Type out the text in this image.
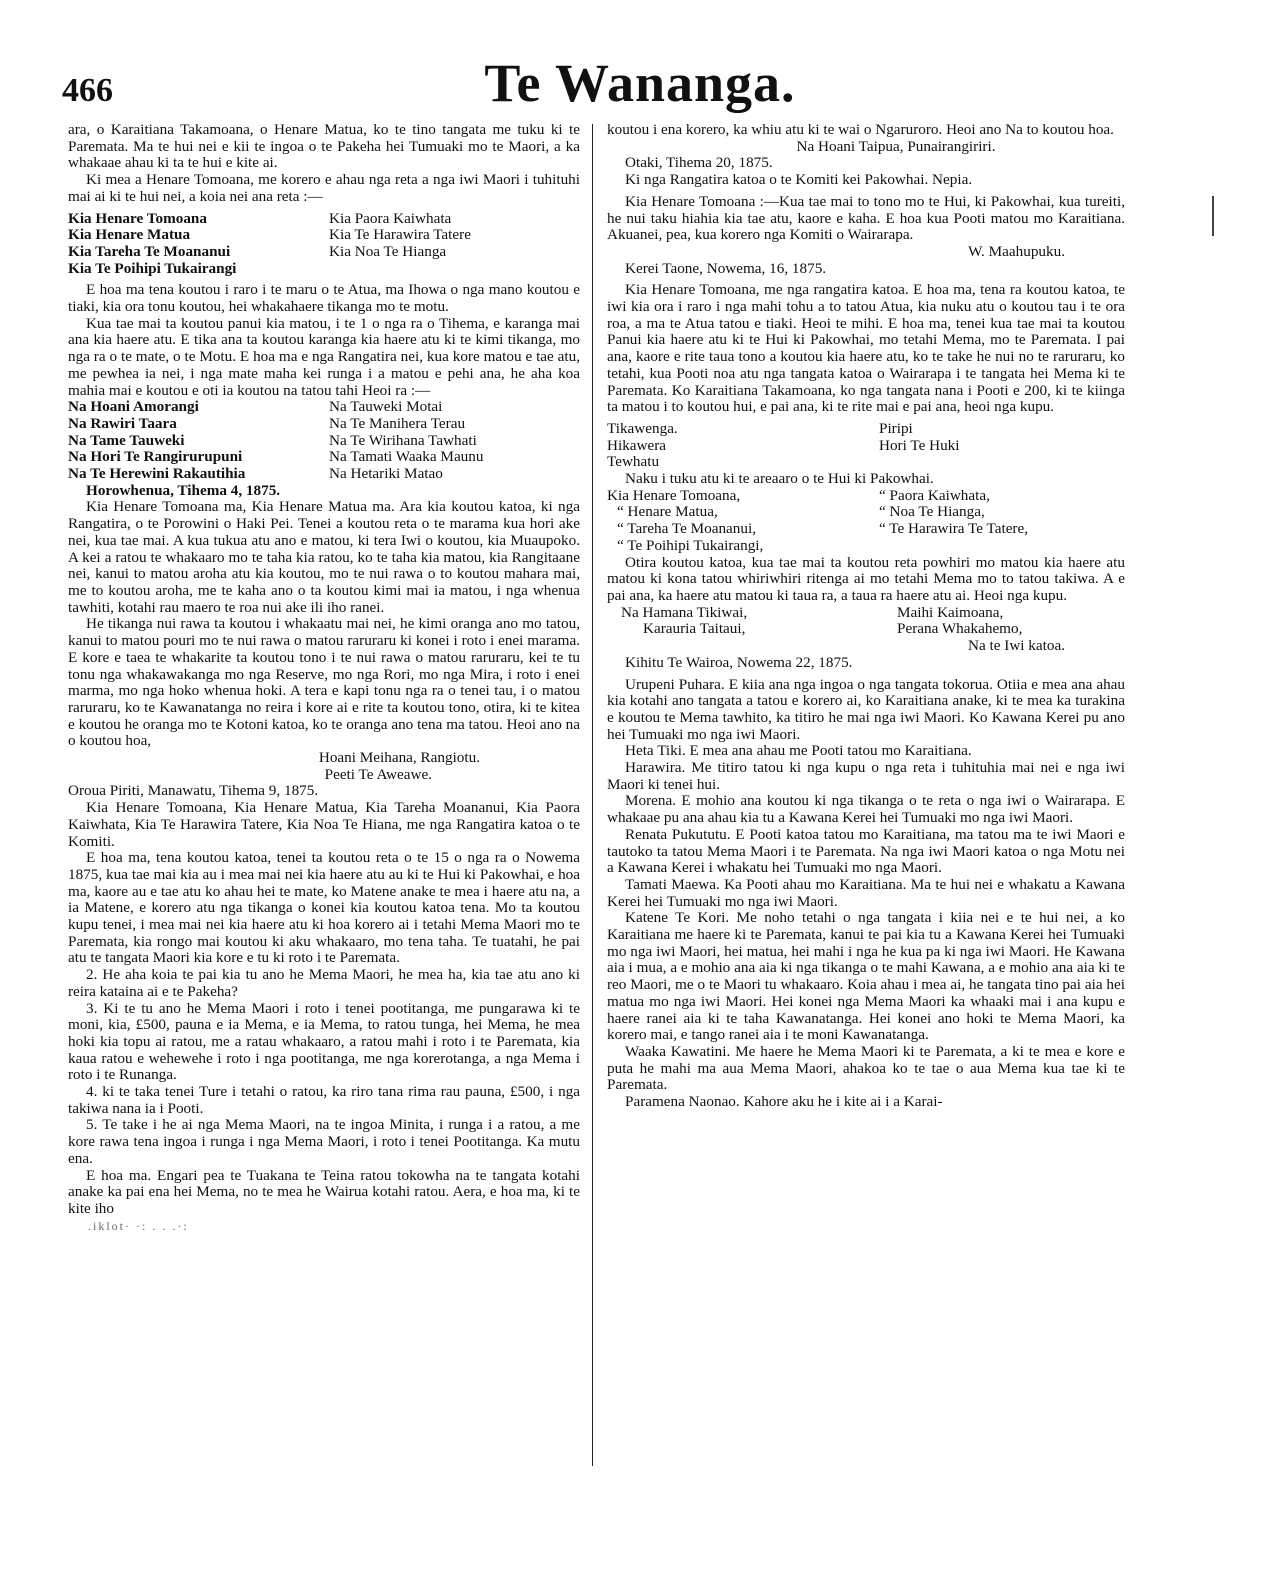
466	Te Wananga.

ara, o Karaitiana Takamoana, o Henare Matua, ko te tino tangata me tuku ki te Paremata. Ma te hui nei e kii te ingoa o te Pakeha hei Tumuaki mo te Maori, a ka whakaae ahau ki ta te hui e kite ai.

Ki mea a Henare Tomoana, me korero e ahau nga reta a nga iwi Maori i tuhituhi mai ai ki te hui nei, a koia nei ana reta :—

Kia Henare Tomoana
Kia Henare Matua
Kia Tareha Te Moananui
Kia Te Poihipi Tukairangi
Kia Paora Kaiwhata
Kia Te Harawira Tatere
Kia Noa Te Hianga

E hoa ma tena koutou i raro i te maru o te Atua, ma Ihowa o nga mano koutou e tiaki, kia ora tonu koutou, hei whakahaere tikanga mo te motu.

Kua tae mai ta koutou panui kia matou, i te 1 o nga ra o Tihema, e karanga mai ana kia haere atu. E tika ana ta koutou karanga kia haere atu ki te kimi tikanga, mo nga ra o te mate, o te Motu. E hoa ma e nga Rangatira nei, kua kore matou e tae atu, me pewhea ia nei, i nga mate maha kei runga i a matou e pehi ana, he aha koa mahia mai e koutou e oti ia koutou na tatou tahi Heoi ra :—

Na Hoani Amorangi
Na Rawiri Taara
Na Tame Tauweki
Na Hori Te Rangirurupuni
Na Te Herewini Rakautihia
Na Tauweki Motai
Na Te Manihera Terau
Na Te Wirihana Tawhati
Na Tamati Waaka Maunu
Na Hetariki Matao

Horowhenua, Tihema 4, 1875.

Kia Henare Tomoana ma, Kia Henare Matua ma. Ara kia koutou katoa, ki nga Rangatira, o te Porowini o Haki Pei. Tenei a koutou reta o te marama kua hori ake nei, kua tae mai. A kua tukua atu ano e matou, ki tera Iwi o koutou, kia Muaupoko. A kei a ratou te whakaaro mo te taha kia ratou, ko te taha kia matou, kia Rangitaane nei, kanui to matou aroha atu kia koutou, mo te nui rawa o to koutou mahara mai, me to koutou aroha, me te kaha ano o ta koutou kimi mai ia matou, i nga whenua tawhiti, kotahi rau maero te roa nui ake ili iho ranei.

He tikanga nui rawa ta koutou i whakaatu mai nei, he kimi oranga ano mo tatou, kanui to matou pouri mo te nui rawa o matou raruraru ki konei i roto i enei marama. E kore e taea te whakarite ta koutou tono i te nui rawa o matou raruraru, kei te tu tonu nga whakawakanga mo nga Reserve, mo nga Rori, mo nga Mira, i roto i enei marma, mo nga hoko whenua hoki. A tera e kapi tonu nga ra o tenei tau, i o matou raruraru, ko te Kawanatanga no reira i kore ai e rite ta koutou tono, otira, ki te kitea e koutou he oranga mo te Kotoni katoa, ko te oranga ano tena ma tatou. Heoi ano na o koutou hoa,

Hoani Meihana, Rangiotu.

Peeti Te Aweawe.

Oroua Piriti, Manawatu, Tihema 9, 1875.

Kia Henare Tomoana, Kia Henare Matua, Kia Tareha Moananui, Kia Paora Kaiwhata, Kia Te Harawira Tatere, Kia Noa Te Hiana, me nga Rangatira katoa o te Komiti.

E hoa ma, tena koutou katoa, tenei ta koutou reta o te 15 o nga ra o Nowema 1875, kua tae mai kia au i mea mai nei kia haere atu au ki te Hui ki Pakowhai, e hoa ma, kaore au e tae atu ko ahau hei te mate, ko Matene anake te mea i haere atu na, a ia Matene, e korero atu nga tikanga o konei kia koutou katoa tena. Mo ta koutou kupu tenei, i mea mai nei kia haere atu ki hoa korero ai i tetahi Mema Maori mo te Paremata, kia rongo mai koutou ki aku whakaaro, mo tena taha. Te tuatahi, he pai atu te tangata Maori kia kore e tu ki roto i te Paremata.

2. He aha koia te pai kia tu ano he Mema Maori, he mea ha, kia tae atu ano ki reira kataina ai e te Pakeha?

3. Ki te tu ano he Mema Maori i roto i tenei pootitanga, me pungarawa ki te moni, kia, £500, pauna e ia Mema, e ia Mema, to ratou tunga, hei Mema, he mea hoki kia topu ai ratou, me a ratau whakaaro, a ratou mahi i roto i te Paremata, kia kaua ratou e wehewehe i roto i nga pootitanga, me nga korerotanga, a nga Mema i roto i te Runanga.

4. ki te taka tenei Ture i tetahi o ratou, ka riro tana rima rau pauna, £500, i nga takiwa nana ia i Pooti.

5. Te take i he ai nga Mema Maori, na te ingoa Minita, i runga i a ratou, a me kore rawa tena ingoa i runga i nga Mema Maori, i roto i tenei Pootitanga. Ka mutu ena.

E hoa ma. Engari pea te Tuakana te Teina ratou tokowha na te tangata kotahi anake ka pai ena hei Mema, no te mea he Wairua kotahi ratou. Aera, e hoa ma, ki te kite iho

.iklot· ·: . . .·:

koutou i ena korero, ka whiu atu ki te wai o Ngaruroro. Heoi ano Na to koutou hoa.

Na Hoani Taipua, Punairangiriri.

Otaki, Tihema 20, 1875.

Ki nga Rangatira katoa o te Komiti kei Pakowhai. Nepia.

Kia Henare Tomoana :—Kua tae mai to tono mo te Hui, ki Pakowhai, kua tureiti, he nui taku hiahia kia tae atu, kaore e kaha. E hoa kua Pooti matou mo Karaitiana. Akuanei, pea, kua korero nga Komiti o Wairarapa.

W. Maahupuku.

Kerei Taone, Nowema, 16, 1875.

Kia Henare Tomoana, me nga rangatira katoa. E hoa ma, tena ra koutou katoa, te iwi kia ora i raro i nga mahi tohu a to tatou Atua, kia nuku atu o koutou tau i te ora roa, a ma te Atua tatou e tiaki. Heoi te mihi. E hoa ma, tenei kua tae mai ta koutou Panui kia haere atu ki te Hui ki Pakowhai, mo tetahi Mema, mo te Paremata. I pai ana, kaore e rite taua tono a koutou kia haere atu, ko te take he nui no te raruraru, ko tetahi, kua Pooti noa atu nga tangata katoa o Wairarapa i te tangata hei Mema ki te Paremata. Ko Karaitiana Takamoana, ko nga tangata nana i Pooti e 200, ki te kiinga ta matou i to koutou hui, e pai ana, ki te rite mai e pai ana, heoi nga kupu.

Tikawenga.
Hikawera
Tewhatu
Piripi
Hori Te Huki

Naku i tuku atu ki te areaaro o te Hui ki Pakowhai.

Kia Henare Tomoana,
“ Henare Matua,
“ Tareha Te Moananui,
“ Te Poihipi Tukairangi,
“ Paora Kaiwhata,
“ Noa Te Hianga,
“ Te Harawira Te Tatere,

Otira koutou katoa, kua tae mai ta koutou reta powhiri mo matou kia haere atu matou ki kona tatou whiriwhiri ritenga ai mo tetahi Mema mo to tatou takiwa. A e pai ana, ka haere atu matou ki taua ra, a taua ra haere atu ai. Heoi nga kupu.

Na Hamana Tikiwai,
Karauria Taitaui,
Maihi Kaimoana,
Perana Whakahemo,

Na te Iwi katoa.

Kihitu Te Wairoa, Nowema 22, 1875.

Urupeni Puhara. E kiia ana nga ingoa o nga tangata tokorua. Otiia e mea ana ahau kia kotahi ano tangata a tatou e korero ai, ko Karaitiana anake, ki te mea ka turakina e koutou te Mema tawhito, ka titiro he mai nga iwi Maori. Ko Kawana Kerei pu ano hei Tumuaki mo nga iwi Maori.

Heta Tiki. E mea ana ahau me Pooti tatou mo Karaitiana.

Harawira. Me titiro tatou ki nga kupu o nga reta i tuhituhia mai nei e nga iwi Maori ki tenei hui.

Morena. E mohio ana koutou ki nga tikanga o te reta o nga iwi o Wairarapa. E whakaae pu ana ahau kia tu a Kawana Kerei hei Tumuaki mo nga iwi Maori.

Renata Pukututu. E Pooti katoa tatou mo Karaitiana, ma tatou ma te iwi Maori e tautoko ta tatou Mema Maori i te Paremata. Na nga iwi Maori katoa o nga Motu nei a Kawana Kerei i whakatu hei Tumuaki mo nga Maori.

Tamati Maewa. Ka Pooti ahau mo Karaitiana. Ma te hui nei e whakatu a Kawana Kerei hei Tumuaki mo nga iwi Maori.

Katene Te Kori. Me noho tetahi o nga tangata i kiia nei e te hui nei, a ko Karaitiana me haere ki te Paremata, kanui te pai kia tu a Kawana Kerei hei Tumuaki mo nga iwi Maori, hei matua, hei mahi i nga he kua pa ki nga iwi Maori. He Kawana aia i mua, a e mohio ana aia ki nga tikanga o te mahi Kawana, a e mohio ana aia ki te reo Maori, me o te Maori tu whakaaro. Koia ahau i mea ai, he tangata tino pai aia hei matua mo nga iwi Maori. Hei konei nga Mema Maori ka whaaki mai i ana kupu e haere ranei aia ki te taha Kawanatanga. Hei konei ano hoki te Mema Maori, ka korero mai, e tango ranei aia i te moni Kawanatanga.

Waaka Kawatini. Me haere he Mema Maori ki te Paremata, a ki te mea e kore e puta he mahi ma aua Mema Maori, ahakoa ko te tae o aua Mema kua tae ki te Paremata.

Paramena Naonao. Kahore aku he i kite ai i a Karai-
